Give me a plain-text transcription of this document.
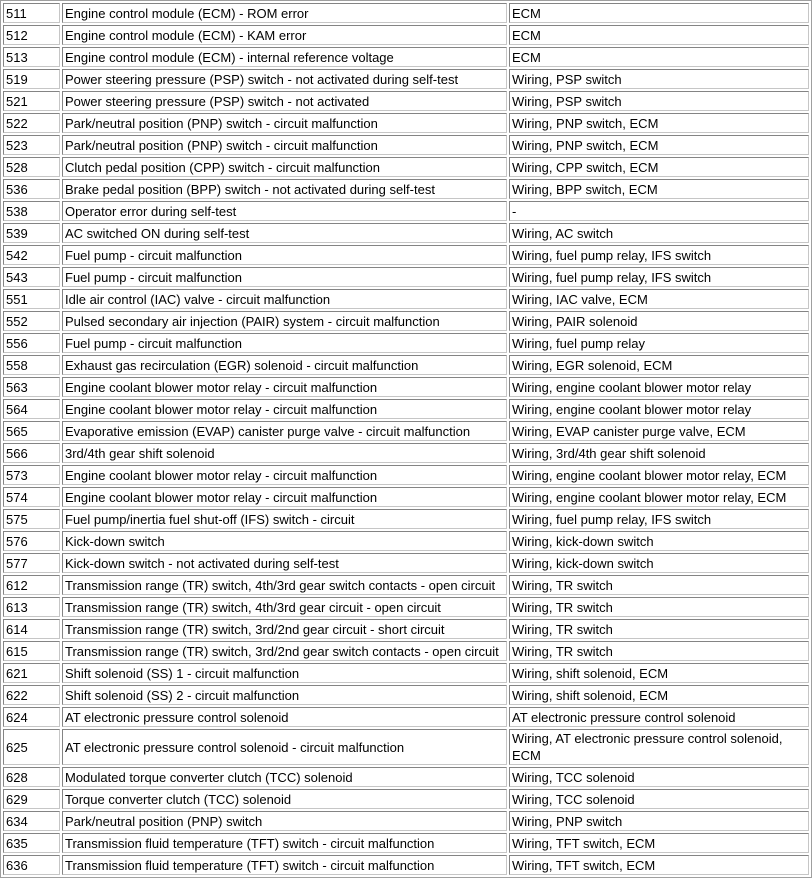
511	Engine control module (ECM) - ROM error	ECM
512	Engine control module (ECM) - KAM error	ECM
513	Engine control module (ECM) - internal reference voltage	ECM
519	Power steering pressure (PSP) switch - not activated during self-test	Wiring, PSP switch
521	Power steering pressure (PSP) switch - not activated	Wiring, PSP switch
522	Park/neutral position (PNP) switch - circuit malfunction	Wiring, PNP switch, ECM
523	Park/neutral position (PNP) switch - circuit malfunction	Wiring, PNP switch, ECM
528	Clutch pedal position (CPP) switch - circuit malfunction	Wiring, CPP switch, ECM
536	Brake pedal position (BPP) switch - not activated during self-test	Wiring, BPP switch, ECM
538	Operator error during self-test	-
539	AC switched ON during self-test	Wiring, AC switch
542	Fuel pump - circuit malfunction	Wiring, fuel pump relay, IFS switch
543	Fuel pump - circuit malfunction	Wiring, fuel pump relay, IFS switch
551	Idle air control (IAC) valve - circuit malfunction	Wiring, IAC valve, ECM
552	Pulsed secondary air injection (PAIR) system - circuit malfunction	Wiring, PAIR solenoid
556	Fuel pump - circuit malfunction	Wiring, fuel pump relay
558	Exhaust gas recirculation (EGR) solenoid - circuit malfunction	Wiring, EGR solenoid, ECM
563	Engine coolant blower motor relay - circuit malfunction	Wiring, engine coolant blower motor relay
564	Engine coolant blower motor relay - circuit malfunction	Wiring, engine coolant blower motor relay
565	Evaporative emission (EVAP) canister purge valve - circuit malfunction	Wiring, EVAP canister purge valve, ECM
566	3rd/4th gear shift solenoid	Wiring, 3rd/4th gear shift solenoid
573	Engine coolant blower motor relay - circuit malfunction	Wiring, engine coolant blower motor relay, ECM
574	Engine coolant blower motor relay - circuit malfunction	Wiring, engine coolant blower motor relay, ECM
575	Fuel pump/inertia fuel shut-off (IFS) switch - circuit	Wiring, fuel pump relay, IFS switch
576	Kick-down switch	Wiring, kick-down switch
577	Kick-down switch - not activated during self-test	Wiring, kick-down switch
612	Transmission range (TR) switch, 4th/3rd gear switch contacts - open circuit	Wiring, TR switch
613	Transmission range (TR) switch, 4th/3rd gear circuit - open circuit	Wiring, TR switch
614	Transmission range (TR) switch, 3rd/2nd gear circuit - short circuit	Wiring, TR switch
615	Transmission range (TR) switch, 3rd/2nd gear switch contacts - open circuit	Wiring, TR switch
621	Shift solenoid (SS) 1 - circuit malfunction	Wiring, shift solenoid, ECM
622	Shift solenoid (SS) 2 - circuit malfunction	Wiring, shift solenoid, ECM
624	AT electronic pressure control solenoid	AT electronic pressure control solenoid
625	AT electronic pressure control solenoid - circuit malfunction	Wiring, AT electronic pressure control solenoid, ECM
628	Modulated torque converter clutch (TCC) solenoid	Wiring, TCC solenoid
629	Torque converter clutch (TCC) solenoid	Wiring, TCC solenoid
634	Park/neutral position (PNP) switch	Wiring, PNP switch
635	Transmission fluid temperature (TFT) switch - circuit malfunction	Wiring, TFT switch, ECM
636	Transmission fluid temperature (TFT) switch - circuit malfunction	Wiring, TFT switch, ECM
